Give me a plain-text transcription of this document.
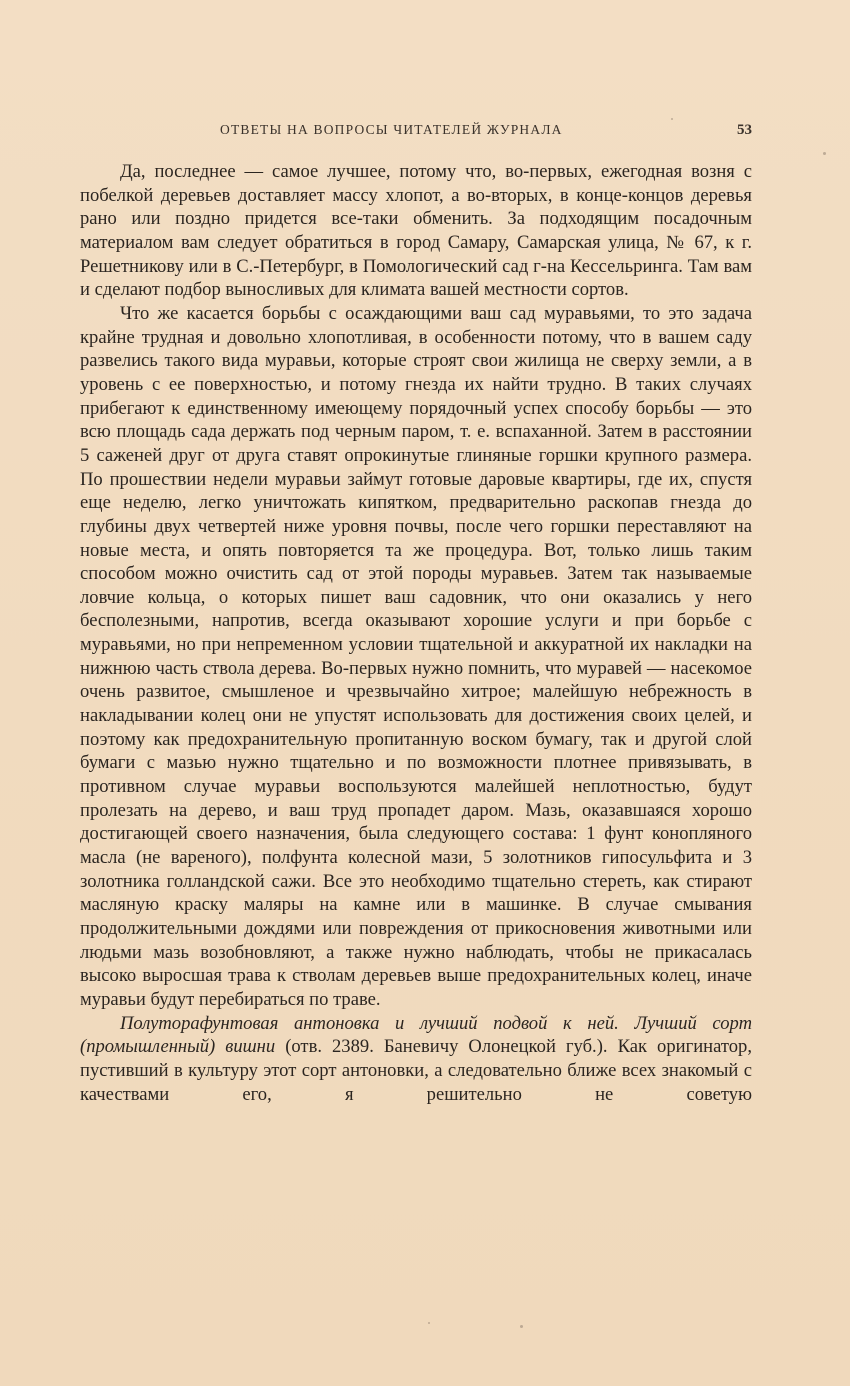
ОТВЕТЫ НА ВОПРОСЫ ЧИТАТЕЛЕЙ ЖУРНАЛА	53

Да, последнее — самое лучшее, потому что, во-первых, ежегодная возня с побелкой деревьев доставляет массу хлопот, а во-вторых, в конце-концов деревья рано или поздно придется все-таки обменить. За подходящим посадочным материалом вам следует обратиться в город Самару, Самарская улица, № 67, к г. Решетникову или в С.-Петербург, в Помологический сад г-на Кессельринга. Там вам и сделают подбор выносливых для климата вашей местности сортов.

Что же касается борьбы с осаждающими ваш сад муравьями, то это задача крайне трудная и довольно хлопотливая, в особенности потому, что в вашем саду развелись такого вида муравьи, которые строят свои жилища не сверху земли, а в уровень с ее поверхностью, и потому гнезда их найти трудно. В таких случаях прибегают к единственному имеющему порядочный успех способу борьбы — это всю площадь сада держать под черным паром, т. е. вспаханной. Затем в расстоянии 5 саженей друг от друга ставят опрокинутые глиняные горшки крупного размера. По прошествии недели муравьи займут готовые даровые квартиры, где их, спустя еще неделю, легко уничтожать кипятком, предварительно раскопав гнезда до глубины двух четвертей ниже уровня почвы, после чего горшки переставляют на новые места, и опять повторяется та же процедура. Вот, только лишь таким способом можно очистить сад от этой породы муравьев. Затем так называемые ловчие кольца, о которых пишет ваш садовник, что они оказались у него бесполезными, напротив, всегда оказывают хорошие услуги и при борьбе с муравьями, но при непременном условии тщательной и аккуратной их накладки на нижнюю часть ствола дерева. Во-первых нужно помнить, что муравей — насекомое очень развитое, смышленое и чрезвычайно хитрое; малейшую небрежность в накладывании колец они не упустят использовать для достижения своих целей, и поэтому как предохранительную пропитанную воском бумагу, так и другой слой бумаги с мазью нужно тщательно и по возможности плотнее привязывать, в противном случае муравьи воспользуются малейшей неплотностью, будут пролезать на дерево, и ваш труд пропадет даром. Мазь, оказавшаяся хорошо достигающей своего назначения, была следующего состава: 1 фунт конопляного масла (не вареного), полфунта колесной мази, 5 золотников гипосульфита и 3 золотника голландской сажи. Все это необходимо тщательно стереть, как стирают масляную краску маляры на камне или в машинке. В случае смывания продолжительными дождями или повреждения от прикосновения животными или людьми мазь возобновляют, а также нужно наблюдать, чтобы не прикасалась высоко выросшая трава к стволам деревьев выше предохранительных колец, иначе муравьи будут перебираться по траве.

Полуторафунтовая антоновка и лучший подвой к ней. Лучший сорт (промышленный) вишни (отв. 2389. Баневичу Олонецкой губ.). Как оригинатор, пустивший в культуру этот сорт антоновки, а следовательно ближе всех знакомый с качествами его, я решительно не советую
